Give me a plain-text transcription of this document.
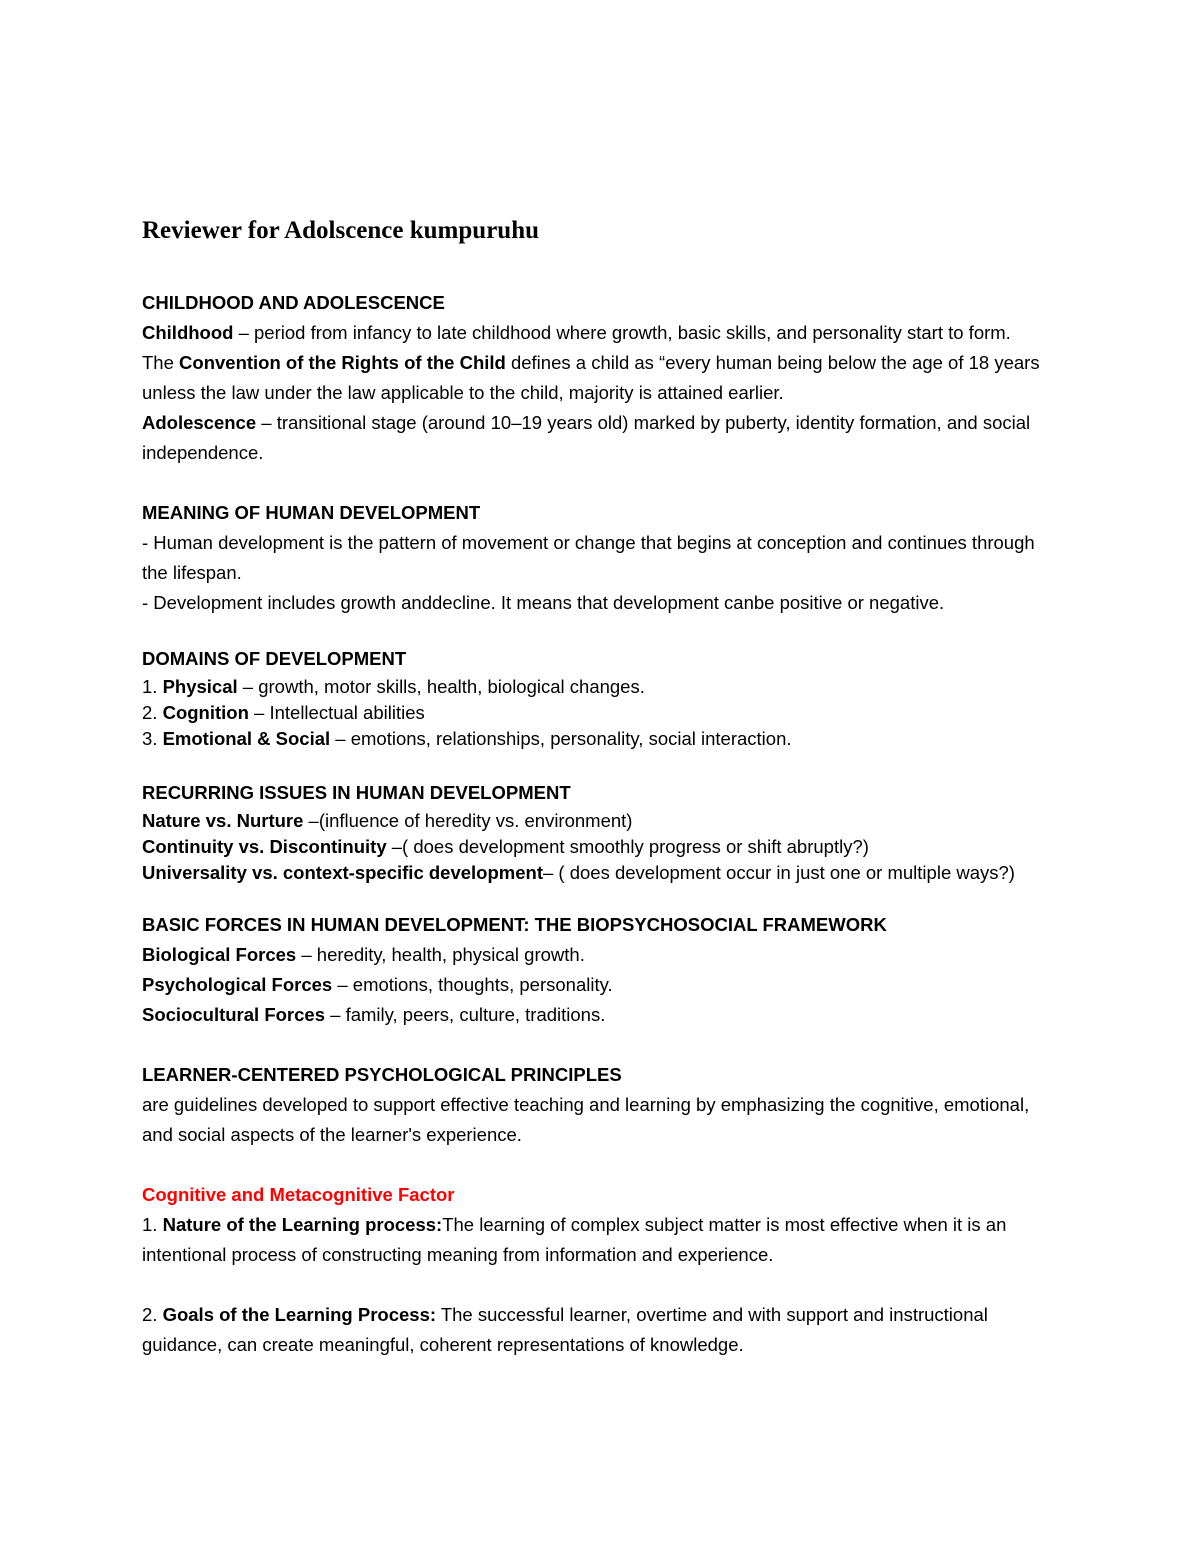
Reviewer for Adolscence kumpuruhu
CHILDHOOD AND ADOLESCENCE

Childhood – period from infancy to late childhood where growth, basic skills, and personality start to form.

The Convention of the Rights of the Child defines a child as “every human being below the age of 18 years unless the law under the law applicable to the child, majority is attained earlier.

Adolescence – transitional stage (around 10–19 years old) marked by puberty, identity formation, and social independence.

MEANING OF HUMAN DEVELOPMENT

- Human development is the pattern of movement or change that begins at conception and continues through the lifespan.

- Development includes growth anddecline. It means that development canbe positive or negative.

DOMAINS OF DEVELOPMENT

1. Physical – growth, motor skills, health, biological changes.

2. Cognition – Intellectual abilities

3. Emotional & Social – emotions, relationships, personality, social interaction.

RECURRING ISSUES IN HUMAN DEVELOPMENT

Nature vs. Nurture –(influence of heredity vs. environment)

Continuity vs. Discontinuity –( does development smoothly progress or shift abruptly?)

Universality vs. context-specific development– ( does development occur in just one or multiple ways?)

BASIC FORCES IN HUMAN DEVELOPMENT: THE BIOPSYCHOSOCIAL FRAMEWORK

Biological Forces – heredity, health, physical growth.

Psychological Forces – emotions, thoughts, personality.

Sociocultural Forces – family, peers, culture, traditions.

LEARNER-CENTERED PSYCHOLOGICAL PRINCIPLES

are guidelines developed to support effective teaching and learning by emphasizing the cognitive, emotional, and social aspects of the learner's experience.

Cognitive and Metacognitive Factor

1. Nature of the Learning process:The learning of complex subject matter is most effective when it is an intentional process of constructing meaning from information and experience.

2. Goals of the Learning Process: The successful learner, overtime and with support and instructional guidance, can create meaningful, coherent representations of knowledge.
